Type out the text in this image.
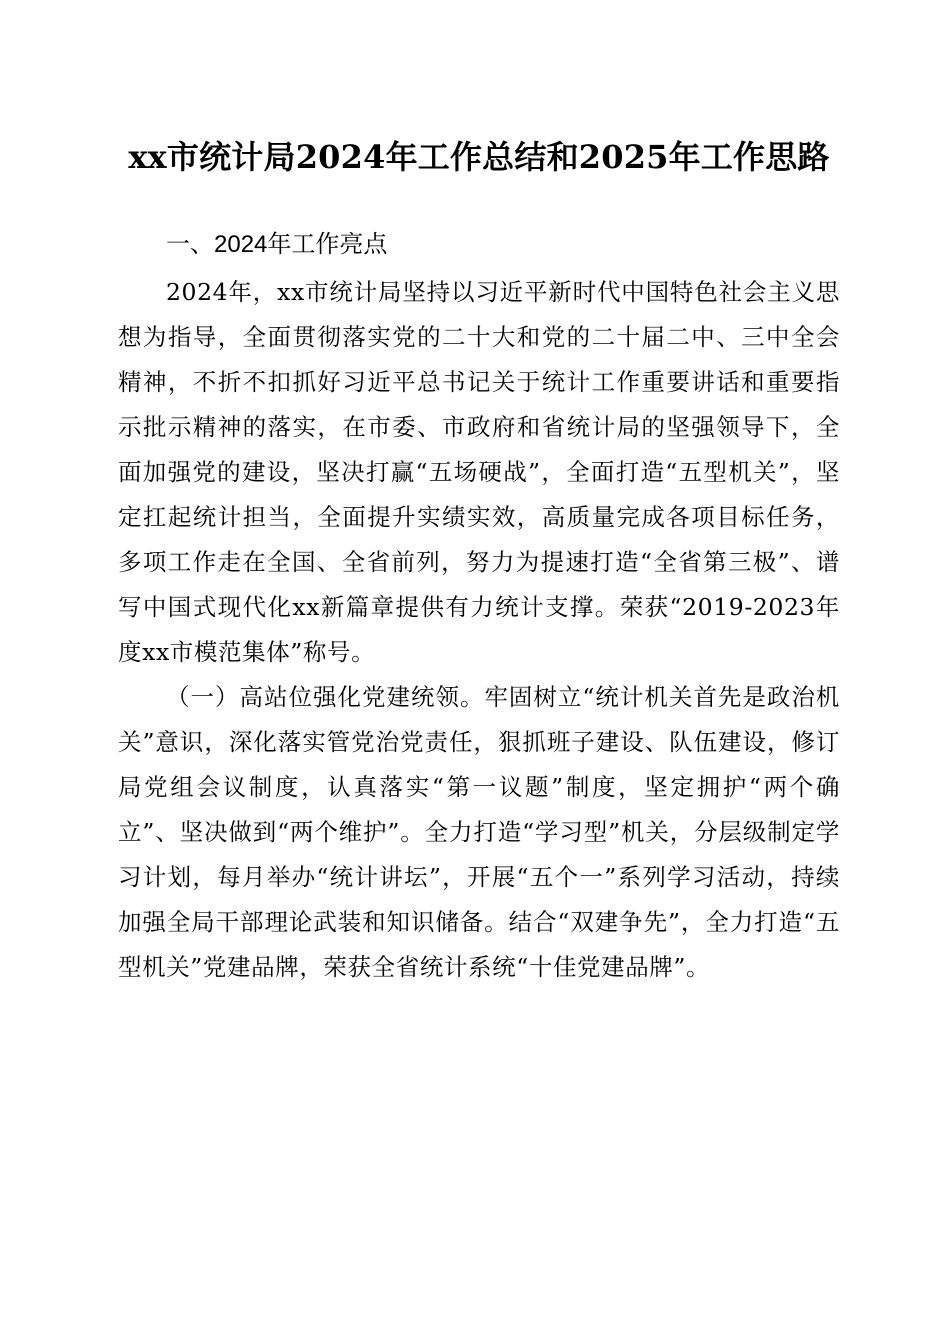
xx市统计局2024年工作总结和2025年工作思路
一、2024年工作亮点

2024年，xx市统计局坚持以习近平新时代中国特色社会主义思想为指导，全面贯彻落实党的二十大和党的二十届二中、三中全会精神，不折不扣抓好习近平总书记关于统计工作重要讲话和重要指示批示精神的落实，在市委、市政府和省统计局的坚强领导下，全面加强党的建设，坚决打赢“五场硬战”，全面打造“五型机关”，坚定扛起统计担当，全面提升实绩实效，高质量完成各项目标任务，多项工作走在全国、全省前列，努力为提速打造“全省第三极”、谱写中国式现代化xx新篇章提供有力统计支撑。荣获“2019-2023年度xx市模范集体”称号。

（一）高站位强化党建统领。牢固树立“统计机关首先是政治机关”意识，深化落实管党治党责任，狠抓班子建设、队伍建设，修订局党组会议制度，认真落实“第一议题”制度，坚定拥护“两个确立”、坚决做到“两个维护”。全力打造“学习型”机关，分层级制定学习计划，每月举办“统计讲坛”，开展“五个一”系列学习活动，持续加强全局干部理论武装和知识储备。结合“双建争先”，全力打造“五型机关”党建品牌，荣获全省统计系统“十佳党建品牌”。
